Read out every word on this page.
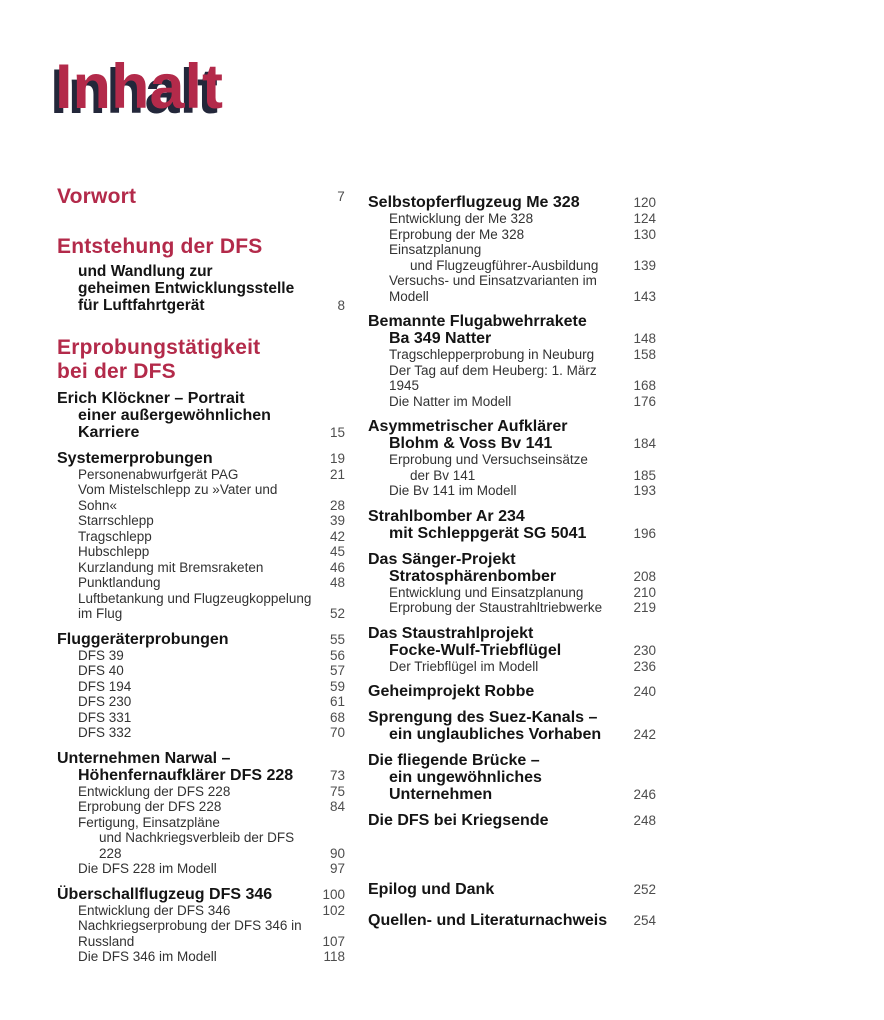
Inhalt
Vorwort	7
Entstehung der DFS
und Wandlung zur
geheimen Entwicklungsstelle
für Luftfahrtgerät	8
Erprobungstätigkeit
bei der DFS
Erich Klöckner – Portrait
einer außergewöhnlichen Karriere	15
Systemerprobungen	19
Personenabwurfgerät PAG	21
Vom Mistelschlepp zu »Vater und Sohn«	28
Starrschlepp	39
Tragschlepp	42
Hubschlepp	45
Kurzlandung mit Bremsraketen	46
Punktlandung	48
Luftbetankung und Flugzeugkoppelung im Flug	52
Fluggeräterprobungen	55
DFS 39	56
DFS 40	57
DFS 194	59
DFS 230	61
DFS 331	68
DFS 332	70
Unternehmen Narwal –
Höhenfernaufklärer DFS 228	73
Entwicklung der DFS 228	75
Erprobung der DFS 228	84
Fertigung, Einsatzpläne
und Nachkriegsverbleib der DFS 228	90
Die DFS 228 im Modell	97
Überschallflugzeug DFS 346	100
Entwicklung der DFS 346	102
Nachkriegserprobung der DFS 346 in Russland	107
Die DFS 346 im Modell	118
Selbstopferflugzeug Me 328	120
Entwicklung der Me 328	124
Erprobung der Me 328	130
Einsatzplanung
und Flugzeugführer-Ausbildung	139
Versuchs- und Einsatzvarianten im Modell	143
Bemannte Flugabwehrrakete
Ba 349 Natter	148
Tragschlepperprobung in Neuburg	158
Der Tag auf dem Heuberg: 1. März 1945	168
Die Natter im Modell	176
Asymmetrischer Aufklärer
Blohm & Voss Bv 141	184
Erprobung und Versuchseinsätze
der Bv 141	185
Die Bv 141 im Modell	193
Strahlbomber Ar 234
mit Schleppgerät SG 5041	196
Das Sänger-Projekt
Stratosphärenbomber	208
Entwicklung und Einsatzplanung	210
Erprobung der Staustrahltriebwerke	219
Das Staustrahlprojekt
Focke-Wulf-Triebflügel	230
Der Triebflügel im Modell	236
Geheimprojekt Robbe	240
Sprengung des Suez-Kanals –
ein unglaubliches Vorhaben	242
Die fliegende Brücke –
ein ungewöhnliches Unternehmen	246
Die DFS bei Kriegsende	248
Epilog und Dank	252
Quellen- und Literaturnachweis	254
